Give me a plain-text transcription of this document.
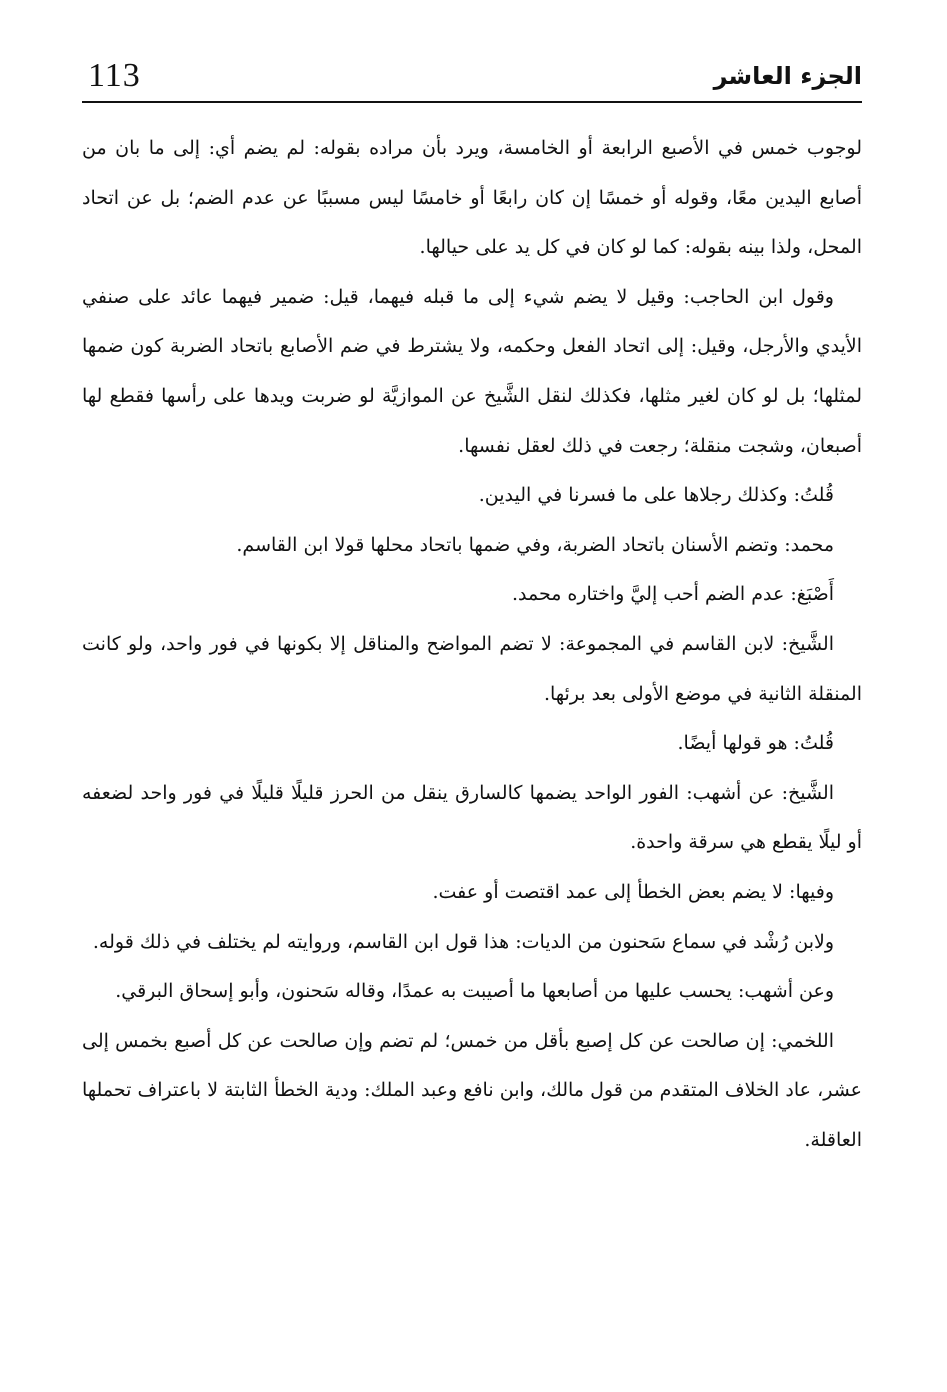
113	الجزء العاشر

لوجوب خمس في الأصبع الرابعة أو الخامسة، ويرد بأن مراده بقوله: لم يضم أي: إلى ما بان من أصابع اليدين معًا، وقوله أو خمسًا إن كان رابعًا أو خامسًا ليس مسببًا عن عدم الضم؛ بل عن اتحاد المحل، ولذا بينه بقوله: كما لو كان في كل يد على حيالها.

وقول ابن الحاجب: وقيل لا يضم شيء إلى ما قبله فيهما، قيل: ضمير فيهما عائد على صنفي الأيدي والأرجل، وقيل: إلى اتحاد الفعل وحكمه، ولا يشترط في ضم الأصابع باتحاد الضربة كون ضمها لمثلها؛ بل لو كان لغير مثلها، فكذلك لنقل الشَّيخ عن الموازيَّة لو ضربت ويدها على رأسها فقطع لها أصبعان، وشجت منقلة؛ رجعت في ذلك لعقل نفسها.

قُلتُ: وكذلك رجلاها على ما فسرنا في اليدين.

محمد: وتضم الأسنان باتحاد الضربة، وفي ضمها باتحاد محلها قولا ابن القاسم.

أَصْبَغ: عدم الضم أحب إليَّ واختاره محمد.

الشَّيخ: لابن القاسم في المجموعة: لا تضم المواضح والمناقل إلا بكونها في فور واحد، ولو كانت المنقلة الثانية في موضع الأولى بعد برئها.

قُلتُ: هو قولها أيضًا.

الشَّيخ: عن أشهب: الفور الواحد يضمها كالسارق ينقل من الحرز قليلًا قليلًا في فور واحد لضعفه أو ليلًا يقطع هي سرقة واحدة.

وفيها: لا يضم بعض الخطأ إلى عمد اقتصت أو عفت.

ولابن رُشْد في سماع سَحنون من الديات: هذا قول ابن القاسم، وروايته لم يختلف في ذلك قوله.

وعن أشهب: يحسب عليها من أصابعها ما أصيبت به عمدًا، وقاله سَحنون، وأبو إسحاق البرقي.

اللخمي: إن صالحت عن كل إصبع بأقل من خمس؛ لم تضم وإن صالحت عن كل أصبع بخمس إلى عشر، عاد الخلاف المتقدم من قول مالك، وابن نافع وعبد الملك: ودية الخطأ الثابتة لا باعتراف تحملها العاقلة.
